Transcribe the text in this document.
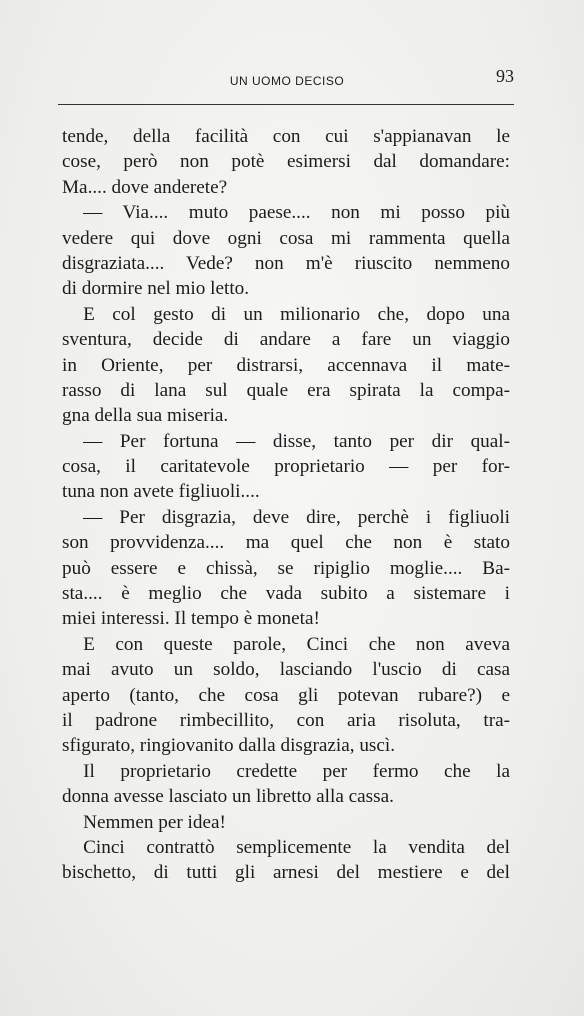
UN UOMO DECISO	93
tende, della facilità con cui s'appianavan le
cose, però non potè esimersi dal domandare:
Ma.... dove anderete?
— Via.... muto paese.... non mi posso più
vedere qui dove ogni cosa mi rammenta quella
disgraziata.... Vede? non m'è riuscito nemmeno
di dormire nel mio letto.
E col gesto di un milionario che, dopo una
sventura, decide di andare a fare un viaggio
in Oriente, per distrarsi, accennava il mate-
rasso di lana sul quale era spirata la compa-
gna della sua miseria.
— Per fortuna — disse, tanto per dir qual-
cosa, il caritatevole proprietario — per for-
tuna non avete figliuoli....
— Per disgrazia, deve dire, perchè i figliuoli
son provvidenza.... ma quel che non è stato
può essere e chissà, se ripiglio moglie.... Ba-
sta.... è meglio che vada subito a sistemare i
miei interessi. Il tempo è moneta!
E con queste parole, Cinci che non aveva
mai avuto un soldo, lasciando l'uscio di casa
aperto (tanto, che cosa gli potevan rubare?) e
il padrone rimbecillito, con aria risoluta, tra-
sfigurato, ringiovanito dalla disgrazia, uscì.
Il proprietario credette per fermo che la
donna avesse lasciato un libretto alla cassa.
Nemmen per idea!
Cinci contrattò semplicemente la vendita del
bischetto, di tutti gli arnesi del mestiere e del
